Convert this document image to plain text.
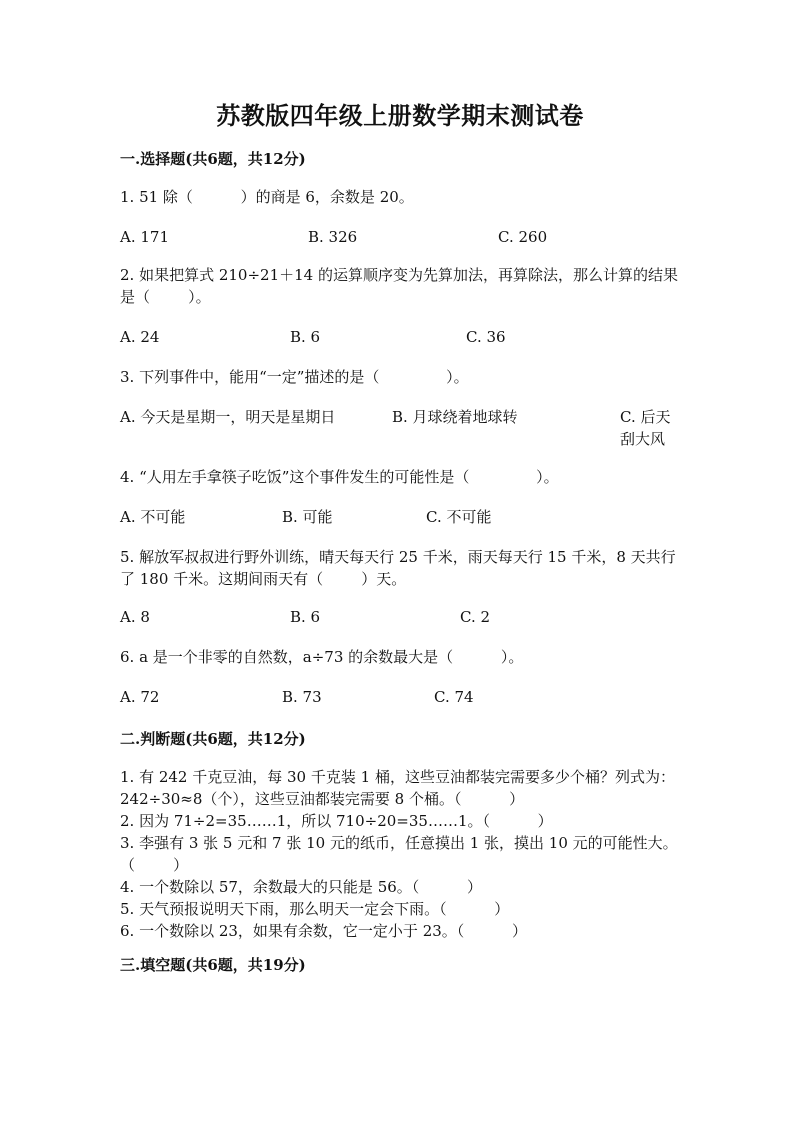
苏教版四年级上册数学期末测试卷
一.选择题(共6题，共12分)
1. 51 除（          ）的商是 6，余数是 20。
A. 171	B. 326	C. 260
2. 如果把算式 210÷21＋14 的运算顺序变为先算加法，再算除法，那么计算的结果是（        ）。
A. 24	B. 6	C. 36
3. 下列事件中，能用“一定”描述的是（              ）。
A. 今天是星期一，明天是星期日	B. 月球绕着地球转	C. 后天刮大风
4. “人用左手拿筷子吃饭”这个事件发生的可能性是（              ）。
A. 不可能	B. 可能	C. 不可能
5. 解放军叔叔进行野外训练，晴天每天行 25 千米，雨天每天行 15 千米，8 天共行了 180 千米。这期间雨天有（        ）天。
A. 8	B. 6	C. 2
6. a 是一个非零的自然数，a÷73 的余数最大是（          ）。
A. 72	B. 73	C. 74
二.判断题(共6题，共12分)
1. 有 242 千克豆油，每 30 千克装 1 桶，这些豆油都装完需要多少个桶？列式为：242÷30≈8（个），这些豆油都装完需要 8 个桶。（          ）
2. 因为 71÷2=35……1，所以 710÷20=35……1。（          ）
3. 李强有 3 张 5 元和 7 张 10 元的纸币，任意摸出 1 张，摸出 10 元的可能性大。          （        ）
4. 一个数除以 57，余数最大的只能是 56。（          ）
5. 天气预报说明天下雨，那么明天一定会下雨。（          ）
6. 一个数除以 23，如果有余数，它一定小于 23。（          ）
三.填空题(共6题，共19分)
